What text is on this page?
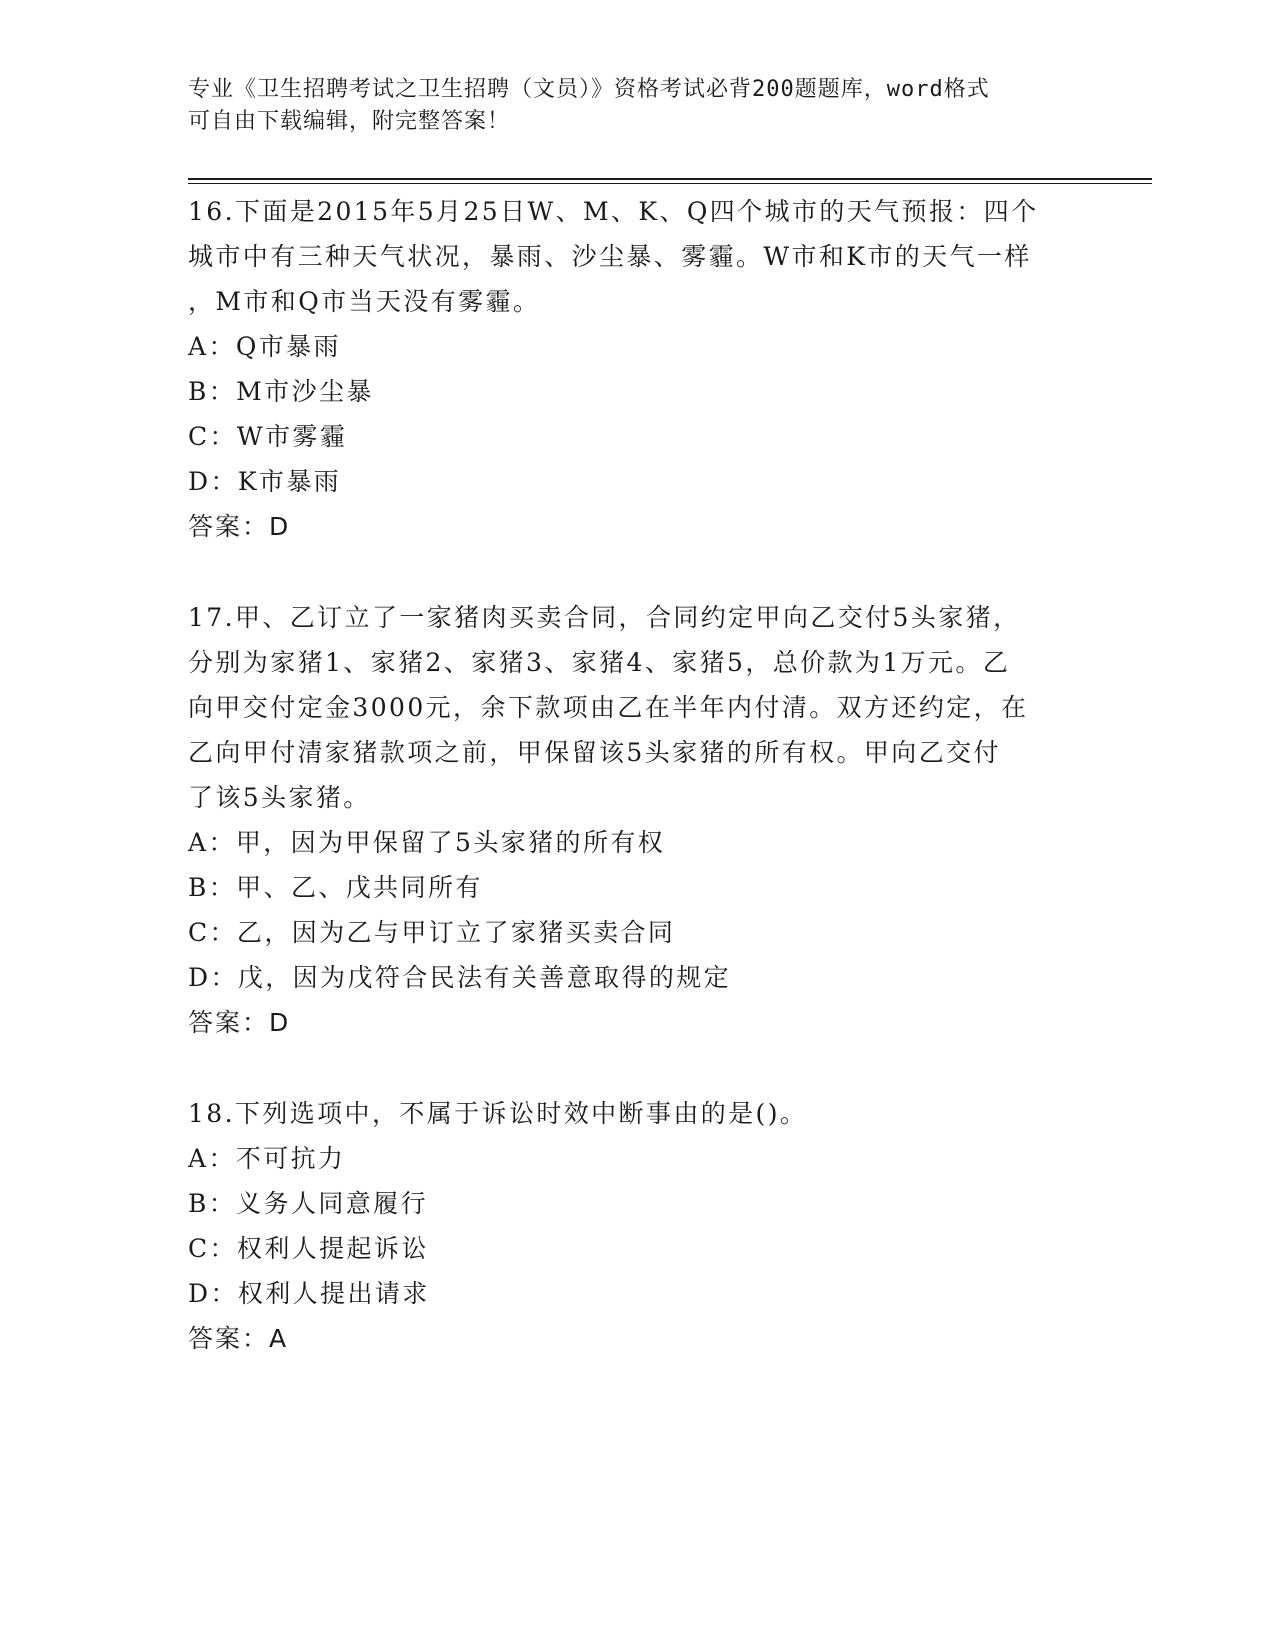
专业《卫生招聘考试之卫生招聘（文员）》资格考试必背200题题库，word格式
可自由下载编辑，附完整答案！

16.下面是2015年5月25日W、M、K、Q四个城市的天气预报：四个

城市中有三种天气状况，暴雨、沙尘暴、雾霾。W市和K市的天气一样

，M市和Q市当天没有雾霾。

A：Q市暴雨

B：M市沙尘暴

C：W市雾霾

D：K市暴雨

答案：D

17.甲、乙订立了一家猪肉买卖合同，合同约定甲向乙交付5头家猪，

分别为家猪1、家猪2、家猪3、家猪4、家猪5，总价款为1万元。乙

向甲交付定金3000元，余下款项由乙在半年内付清。双方还约定，在

乙向甲付清家猪款项之前，甲保留该5头家猪的所有权。甲向乙交付

了该5头家猪。

A：甲，因为甲保留了5头家猪的所有权

B：甲、乙、戊共同所有

C：乙，因为乙与甲订立了家猪买卖合同

D：戊，因为戊符合民法有关善意取得的规定

答案：D

18.下列选项中，不属于诉讼时效中断事由的是()。

A：不可抗力

B：义务人同意履行

C：权利人提起诉讼

D：权利人提出请求

答案：A
